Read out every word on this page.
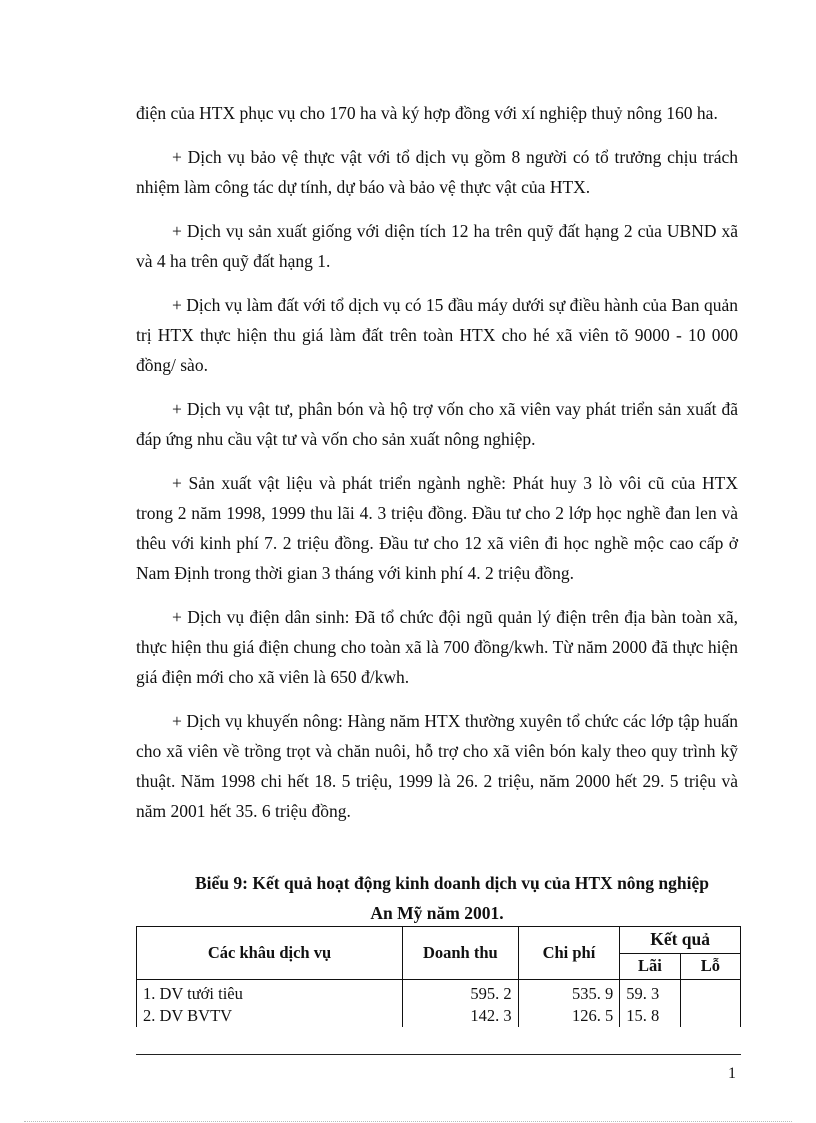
điện của HTX phục vụ cho 170 ha và ký hợp đồng với xí nghiệp thuỷ nông 160 ha.

+ Dịch vụ bảo vệ thực vật với tổ dịch vụ gồm 8 người có tổ trưởng chịu trách nhiệm làm công tác dự tính, dự báo và bảo vệ thực vật của HTX.

+ Dịch vụ sản xuất giống với diện tích 12 ha trên quỹ đất hạng 2 của UBND xã và 4 ha trên quỹ đất hạng 1.

+ Dịch vụ làm đất với tổ dịch vụ có 15 đầu máy dưới sự điều hành của Ban quản trị HTX thực hiện thu giá làm đất trên toàn HTX cho hé xã viên tõ 9000 - 10 000 đồng/ sào.

+ Dịch vụ vật tư, phân bón và hộ trợ vốn cho xã viên vay phát triển sản xuất đã đáp ứng nhu cầu vật tư và vốn cho sản xuất nông nghiệp.

+ Sản xuất vật liệu và phát triển ngành nghề: Phát huy 3 lò vôi cũ của HTX trong 2 năm 1998, 1999 thu lãi 4. 3 triệu đồng. Đầu tư cho 2 lớp học nghề đan len và thêu với kinh phí 7. 2 triệu đồng. Đầu tư cho 12 xã viên đi học nghề mộc cao cấp ở Nam Định trong thời gian 3 tháng với kinh phí 4. 2 triệu đồng.

+ Dịch vụ điện dân sinh: Đã tổ chức đội ngũ quản lý điện trên địa bàn toàn xã, thực hiện thu giá điện chung cho toàn xã là 700 đồng/kwh. Từ năm 2000 đã thực hiện giá điện mới cho xã viên là 650 đ/kwh.

+ Dịch vụ khuyến nông: Hàng năm HTX thường xuyên tổ chức các lớp tập huấn cho xã viên về trồng trọt và chăn nuôi, hỗ trợ cho xã viên bón kaly theo quy trình kỹ thuật. Năm 1998 chi hết 18. 5 triệu, 1999 là 26. 2 triệu, năm 2000 hết 29. 5 triệu và năm 2001 hết 35. 6 triệu đồng.

Biểu 9: Kết quả hoạt động kinh doanh dịch vụ của HTX nông nghiệp
An Mỹ năm 2001.
Các khâu dịch vụ	Doanh thu	Chi phí	Kết quả	
			Lãi	Lỗ
1. DV tưới tiêu	595. 2	535. 9	59. 3	
2. DV BVTV	142. 3	126. 5	15. 8	
1
